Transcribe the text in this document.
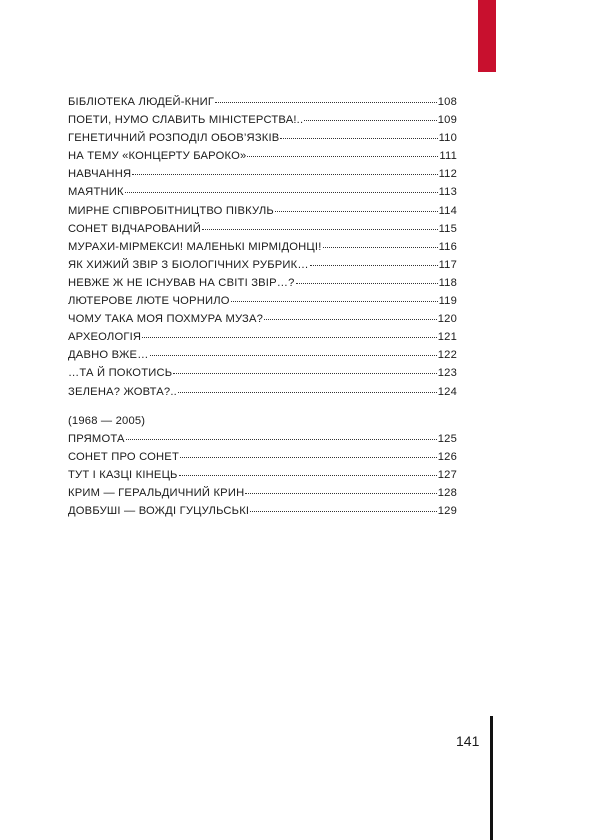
БІБЛІОТЕКА ЛЮДЕЙ-КНИГ	108
ПОЕТИ, НУМО СЛАВИТЬ МІНІСТЕРСТВА!..	109
ГЕНЕТИЧНИЙ РОЗПОДІЛ ОБОВ’ЯЗКІВ	110
НА ТЕМУ «КОНЦЕРТУ БАРОКО»	111
НАВЧАННЯ	112
МАЯТНИК	113
МИРНЕ СПІВРОБІТНИЦТВО ПІВКУЛЬ	114
СОНЕТ ВІДЧАРОВАНИЙ	115
МУРАХИ-МІРМЕКСИ! МАЛЕНЬКІ МІРМІДОНЦІ!	116
ЯК ХИЖИЙ ЗВІР З БІОЛОГІЧНИХ РУБРИК…	117
НЕВЖЕ Ж НЕ ІСНУВАВ НА СВІТІ ЗВІР…?	118
ЛЮТЕРОВЕ ЛЮТЕ ЧОРНИЛО	119
ЧОМУ ТАКА МОЯ ПОХМУРА МУЗА?	120
АРХЕОЛОГІЯ	121
ДАВНО ВЖЕ…	122
…ТА Й ПОКОТИСЬ	123
ЗЕЛЕНА? ЖОВТА?..	124
(1968 — 2005)
ПРЯМОТА	125
СОНЕТ ПРО СОНЕТ	126
ТУТ І КАЗЦІ КІНЕЦЬ	127
КРИМ — ГЕРАЛЬДИЧНИЙ КРИН	128
ДОВБУШІ — ВОЖДІ ГУЦУЛЬСЬКІ	129
141
